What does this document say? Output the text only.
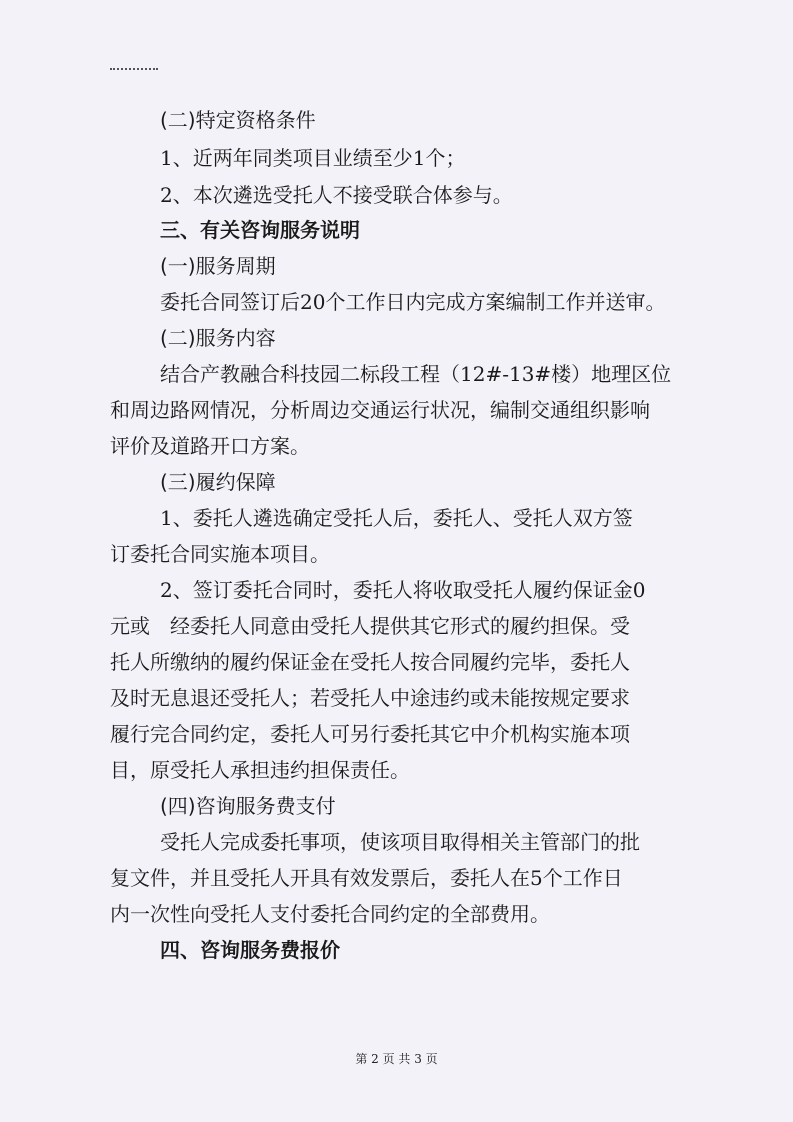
(二)特定资格条件
1、近两年同类项目业绩至少1个；
2、本次遴选受托人不接受联合体参与。
三、有关咨询服务说明
(一)服务周期
委托合同签订后20个工作日内完成方案编制工作并送审。
(二)服务内容
结合产教融合科技园二标段工程（12#-13#楼）地理区位
和周边路网情况，分析周边交通运行状况，编制交通组织影响
评价及道路开口方案。
(三)履约保障
1、委托人遴选确定受托人后，委托人、受托人双方签
订委托合同实施本项目。
2、签订委托合同时，委托人将收取受托人履约保证金0
元或　经委托人同意由受托人提供其它形式的履约担保。受
托人所缴纳的履约保证金在受托人按合同履约完毕，委托人
及时无息退还受托人；若受托人中途违约或未能按规定要求
履行完合同约定，委托人可另行委托其它中介机构实施本项
目，原受托人承担违约担保责任。
(四)咨询服务费支付
受托人完成委托事项，使该项目取得相关主管部门的批
复文件，并且受托人开具有效发票后，委托人在5个工作日
内一次性向受托人支付委托合同约定的全部费用。
四、咨询服务费报价
第 2 页 共 3 页
